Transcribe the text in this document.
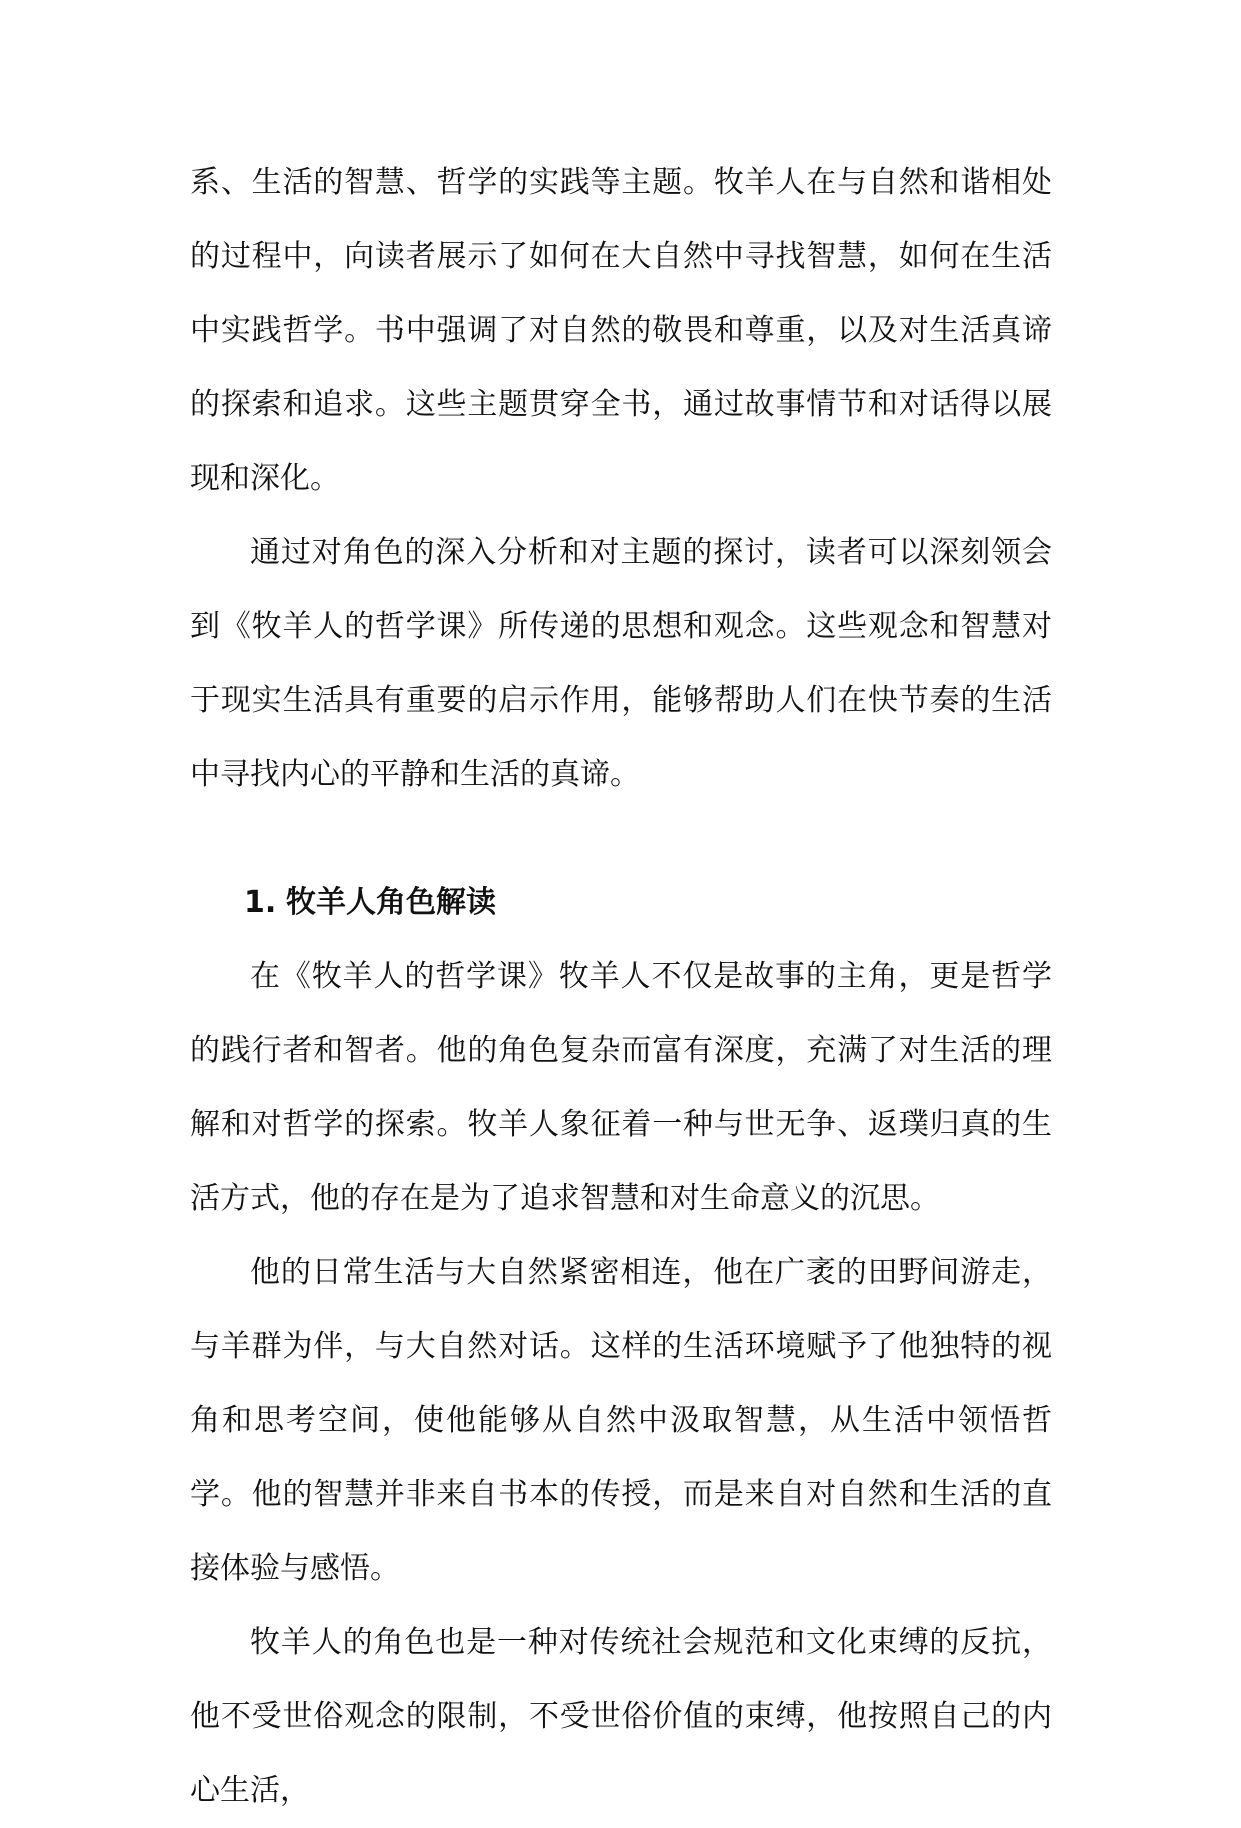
系、生活的智慧、哲学的实践等主题。牧羊人在与自然和谐相处的过程中，向读者展示了如何在大自然中寻找智慧，如何在生活中实践哲学。书中强调了对自然的敬畏和尊重，以及对生活真谛的探索和追求。这些主题贯穿全书，通过故事情节和对话得以展现和深化。

通过对角色的深入分析和对主题的探讨，读者可以深刻领会到《牧羊人的哲学课》所传递的思想和观念。这些观念和智慧对于现实生活具有重要的启示作用，能够帮助人们在快节奏的生活中寻找内心的平静和生活的真谛。

1. 牧羊人角色解读

在《牧羊人的哲学课》牧羊人不仅是故事的主角，更是哲学的践行者和智者。他的角色复杂而富有深度，充满了对生活的理解和对哲学的探索。牧羊人象征着一种与世无争、返璞归真的生活方式，他的存在是为了追求智慧和对生命意义的沉思。

他的日常生活与大自然紧密相连，他在广袤的田野间游走，与羊群为伴，与大自然对话。这样的生活环境赋予了他独特的视角和思考空间，使他能够从自然中汲取智慧，从生活中领悟哲学。他的智慧并非来自书本的传授，而是来自对自然和生活的直接体验与感悟。

牧羊人的角色也是一种对传统社会规范和文化束缚的反抗，他不受世俗观念的限制，不受世俗价值的束缚，他按照自己的内心生活，
